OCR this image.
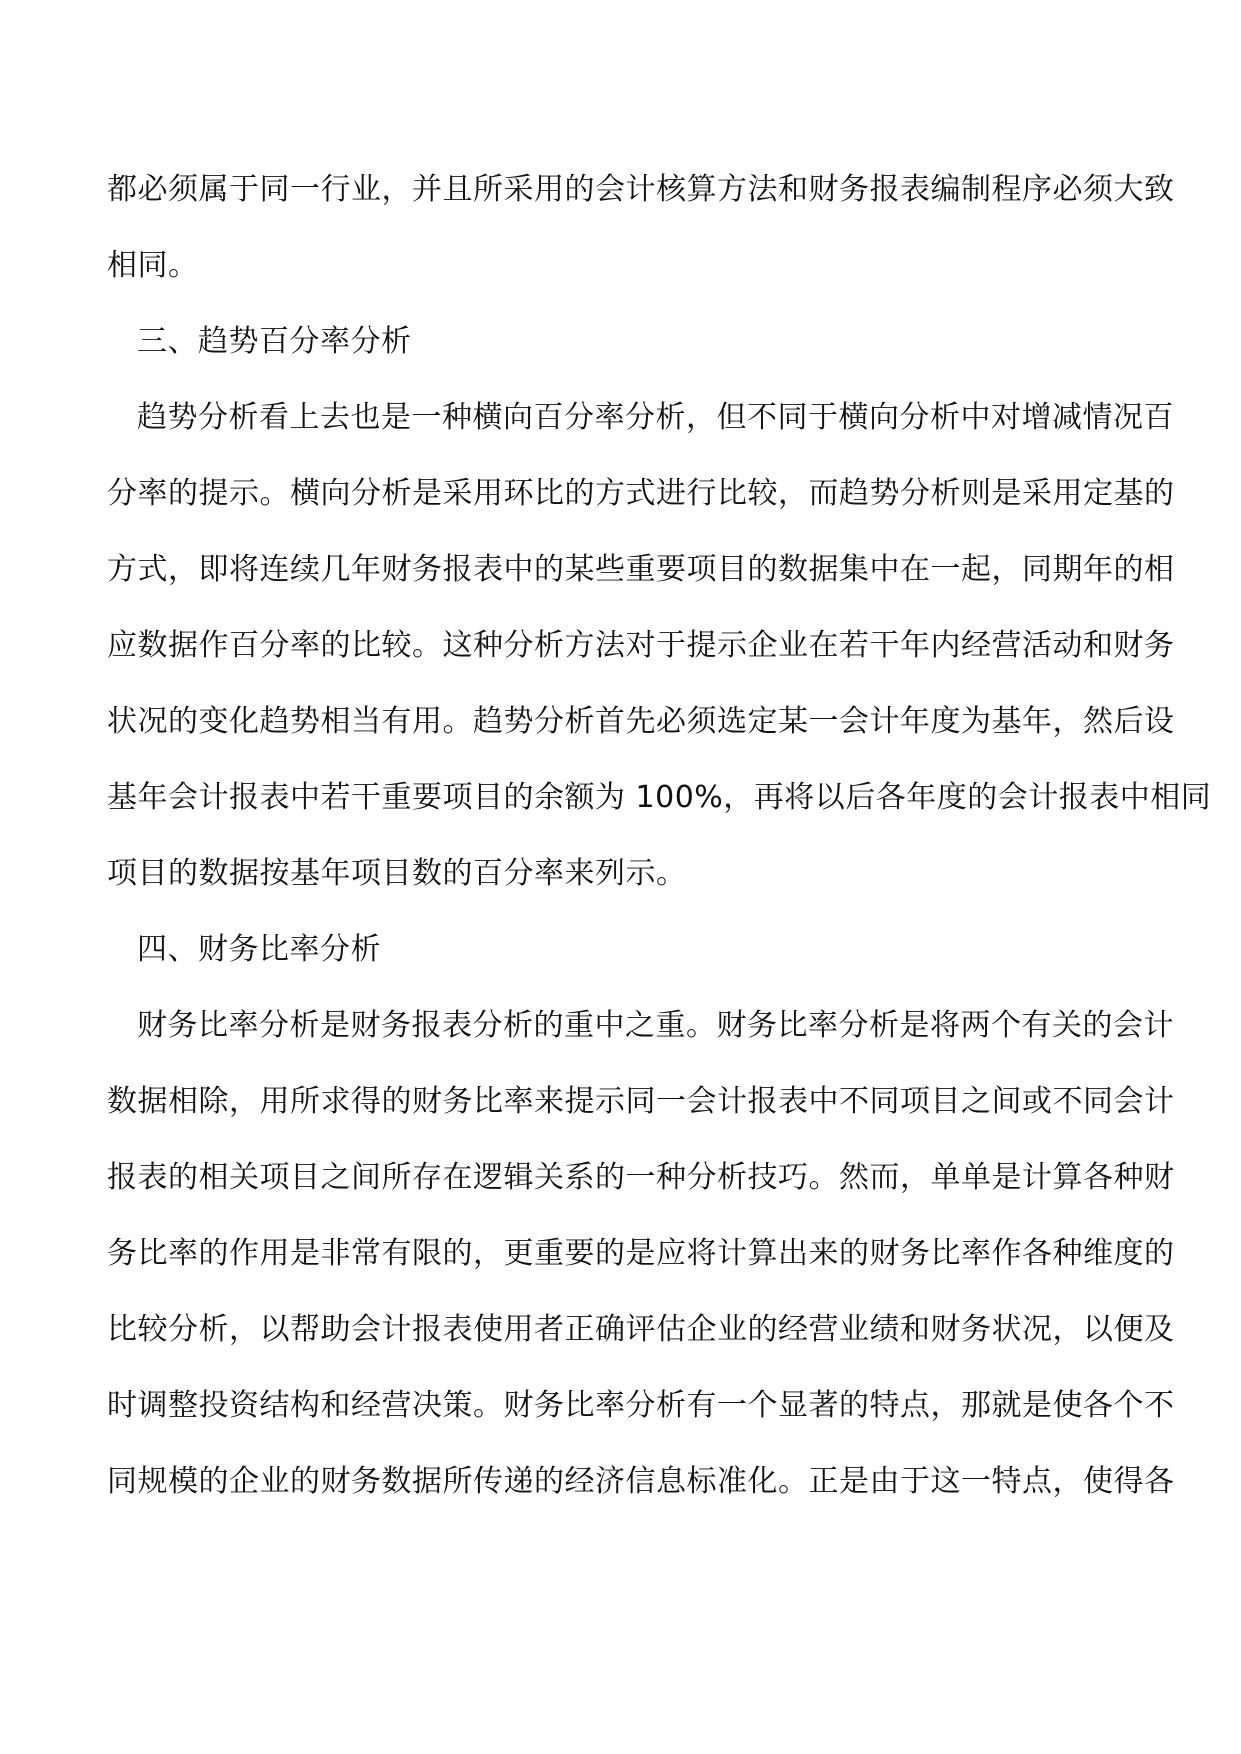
都必须属于同一行业，并且所采用的会计核算方法和财务报表编制程序必须大致
相同。
三、趋势百分率分析
趋势分析看上去也是一种横向百分率分析，但不同于横向分析中对增减情况百
分率的提示。横向分析是采用环比的方式进行比较，而趋势分析则是采用定基的
方式，即将连续几年财务报表中的某些重要项目的数据集中在一起，同期年的相
应数据作百分率的比较。这种分析方法对于提示企业在若干年内经营活动和财务
状况的变化趋势相当有用。趋势分析首先必须选定某一会计年度为基年，然后设
基年会计报表中若干重要项目的余额为 100%，再将以后各年度的会计报表中相同
项目的数据按基年项目数的百分率来列示。
四、财务比率分析
财务比率分析是财务报表分析的重中之重。财务比率分析是将两个有关的会计
数据相除，用所求得的财务比率来提示同一会计报表中不同项目之间或不同会计
报表的相关项目之间所存在逻辑关系的一种分析技巧。然而，单单是计算各种财
务比率的作用是非常有限的，更重要的是应将计算出来的财务比率作各种维度的
比较分析，以帮助会计报表使用者正确评估企业的经营业绩和财务状况，以便及
时调整投资结构和经营决策。财务比率分析有一个显著的特点，那就是使各个不
同规模的企业的财务数据所传递的经济信息标准化。正是由于这一特点，使得各
